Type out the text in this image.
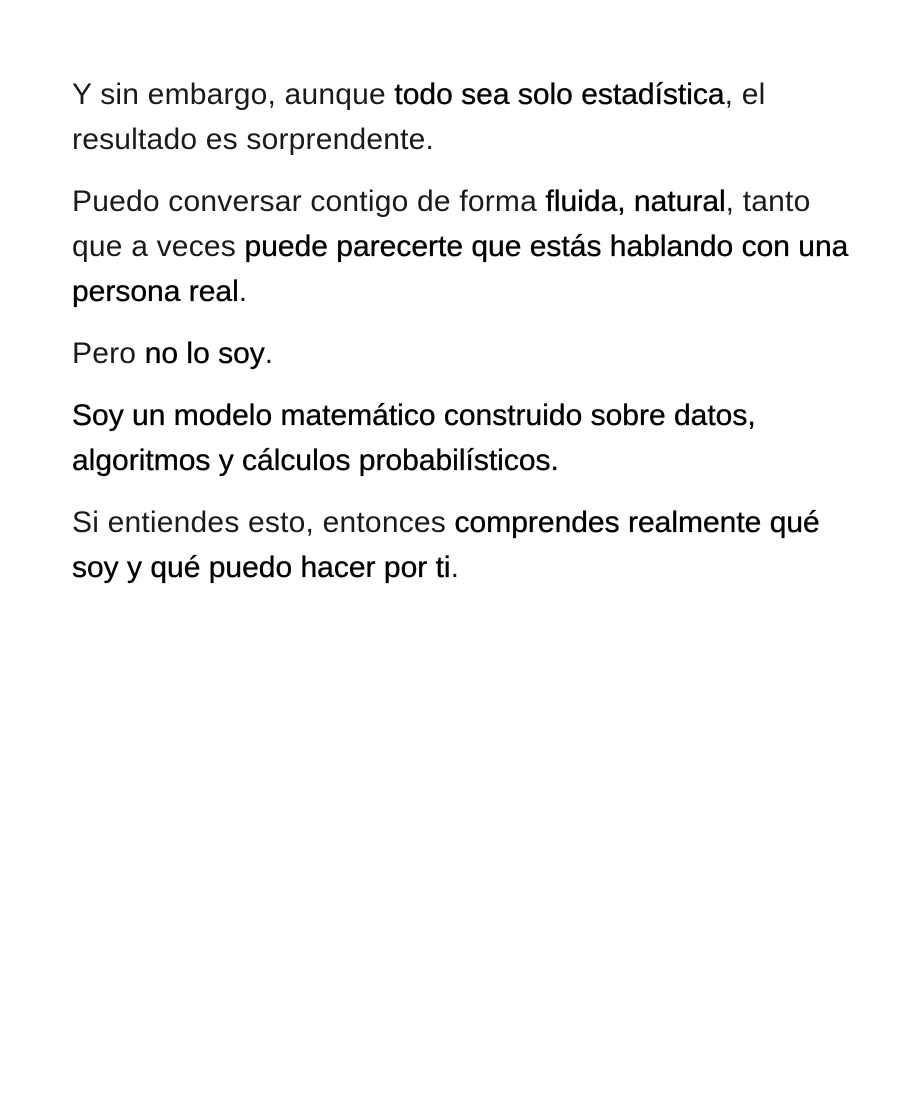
Y sin embargo, aunque todo sea solo estadística, el resultado es sorprendente.

Puedo conversar contigo de forma fluida, natural, tanto que a veces puede parecerte que estás hablando con una persona real.

Pero no lo soy.

Soy un modelo matemático construido sobre datos, algoritmos y cálculos probabilísticos.

Si entiendes esto, entonces comprendes realmente qué soy y qué puedo hacer por ti.
